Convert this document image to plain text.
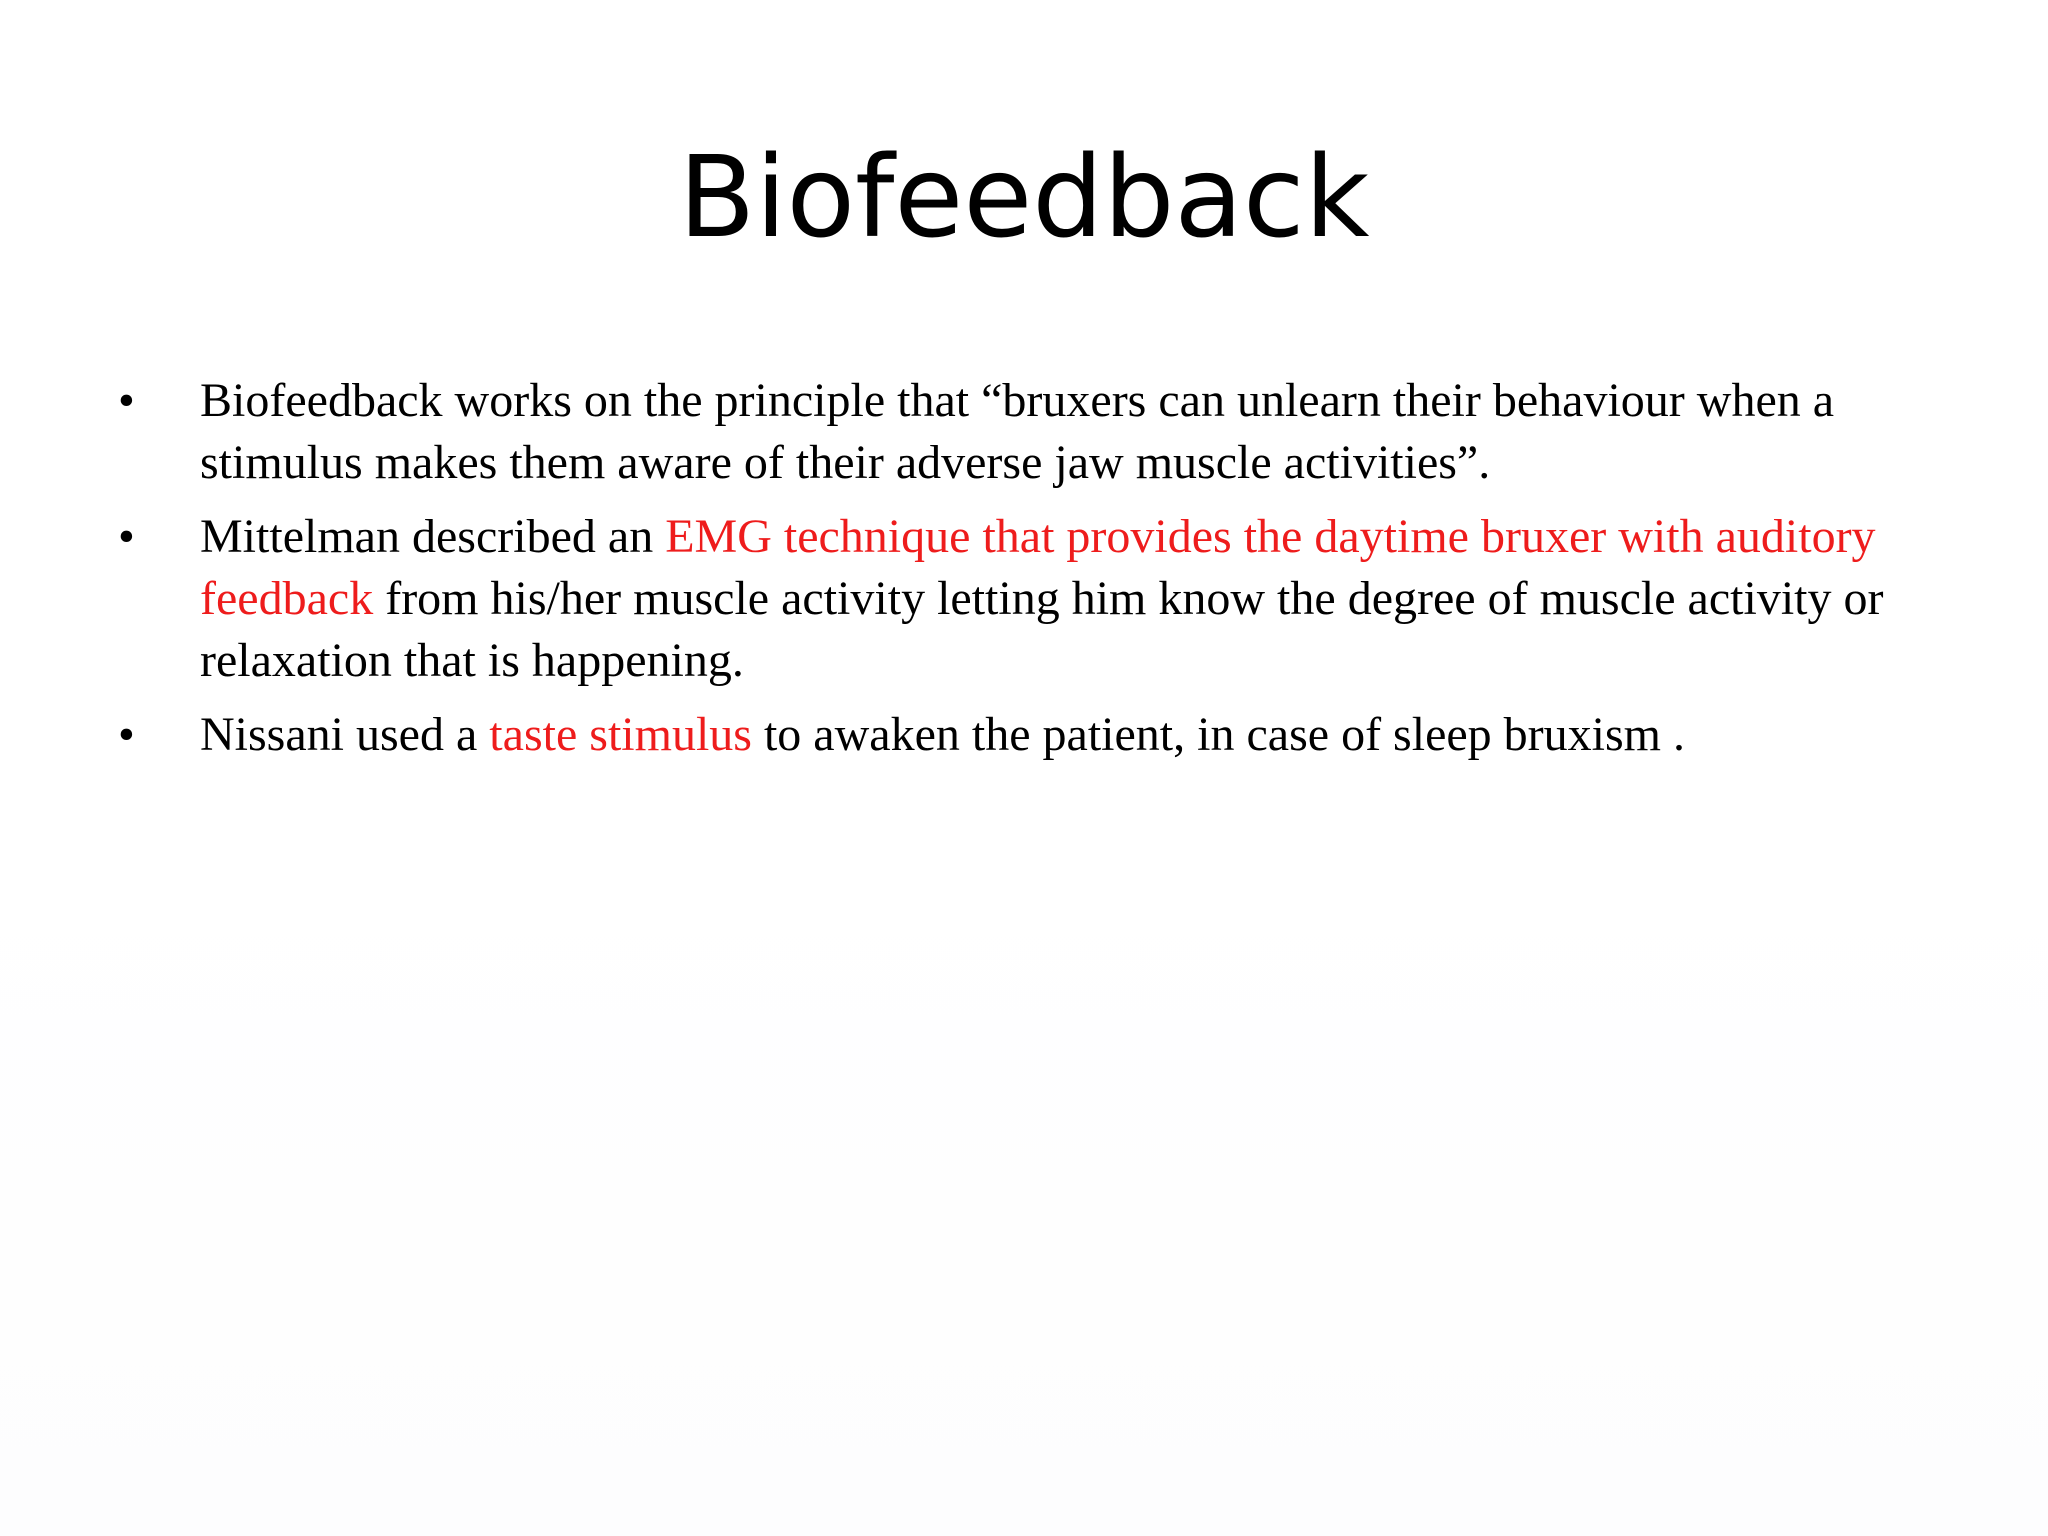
Biofeedback
• Biofeedback works on the principle that “bruxers can unlearn their behaviour when a stimulus makes them aware of their adverse jaw muscle activities”.
• Mittelman described an EMG technique that provides the daytime bruxer with auditory feedback from his/her muscle activity letting him know the degree of muscle activity or relaxation that is happening.
• Nissani used a taste stimulus to awaken the patient, in case of sleep bruxism .
